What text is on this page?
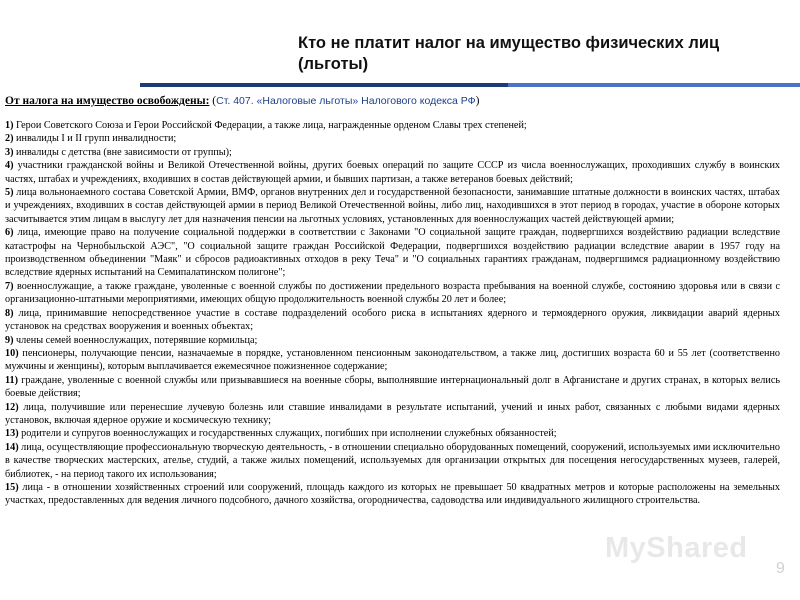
Кто не платит налог на имущество физических лиц (льготы)
От налога на имущество освобождены: (Ст. 407. «Налоговые льготы» Налогового кодекса РФ)

1) Герои Советского Союза и Герои Российской Федерации, а также лица, награжденные орденом Славы трех степеней;

2) инвалиды I и II групп инвалидности;

3) инвалиды с детства (вне зависимости от группы);

4) участники гражданской войны и Великой Отечественной войны, других боевых операций по защите СССР из числа военнослужащих, проходивших службу в воинских частях, штабах и учреждениях, входивших в состав действующей армии, и бывших партизан, а также ветеранов боевых действий;

5) лица вольнонаемного состава Советской Армии, ВМФ, органов внутренних дел и государственной безопасности, занимавшие штатные должности в воинских частях, штабах и учреждениях, входивших в состав действующей армии в период Великой Отечественной войны, либо лиц, находившихся в этот период в городах, участие в обороне которых засчитывается этим лицам в выслугу лет для назначения пенсии на льготных условиях, установленных для военнослужащих частей действующей армии;

6) лица, имеющие право на получение социальной поддержки в соответствии с Законами "О социальной защите граждан, подвергшихся воздействию радиации вследствие катастрофы на Чернобыльской АЭС", "О социальной защите граждан Российской Федерации, подвергшихся воздействию радиации вследствие аварии в 1957 году на производственном объединении "Маяк" и сбросов радиоактивных отходов в реку Теча" и "О социальных гарантиях гражданам, подвергшимся радиационному воздействию вследствие ядерных испытаний на Семипалатинском полигоне";

7) военнослужащие, а также граждане, уволенные с военной службы по достижении предельного возраста пребывания на военной службе, состоянию здоровья или в связи с организационно-штатными мероприятиями, имеющих общую продолжительность военной службы 20 лет и более;

8) лица, принимавшие непосредственное участие в составе подразделений особого риска в испытаниях ядерного и термоядерного оружия, ликвидации аварий ядерных установок на средствах вооружения и военных объектах;

9) члены семей военнослужащих, потерявшие кормильца;

10) пенсионеры, получающие пенсии, назначаемые в порядке, установленном пенсионным законодательством, а также лиц, достигших возраста 60 и 55 лет (соответственно мужчины и женщины), которым выплачивается ежемесячное пожизненное содержание;

11) граждане, уволенные с военной службы или призывавшиеся на военные сборы, выполнявшие интернациональный долг в Афганистане и других странах, в которых велись боевые действия;

12) лица, получившие или перенесшие лучевую болезнь или ставшие инвалидами в результате испытаний, учений и иных работ, связанных с любыми видами ядерных установок, включая ядерное оружие и космическую технику;

13) родители и супругов военнослужащих и государственных служащих, погибших при исполнении служебных обязанностей;

14) лица, осуществляющие профессиональную творческую деятельность, - в отношении специально оборудованных помещений, сооружений, используемых ими исключительно в качестве творческих мастерских, ателье, студий, а также жилых помещений, используемых для организации открытых для посещения негосударственных музеев, галерей, библиотек, - на период такого их использования;

15) лица - в отношении хозяйственных строений или сооружений, площадь каждого из которых не превышает 50 квадратных метров и которые расположены на земельных участках, предоставленных для ведения личного подсобного, дачного хозяйства, огородничества, садоводства или индивидуального жилищного строительства.

MyShared
9
